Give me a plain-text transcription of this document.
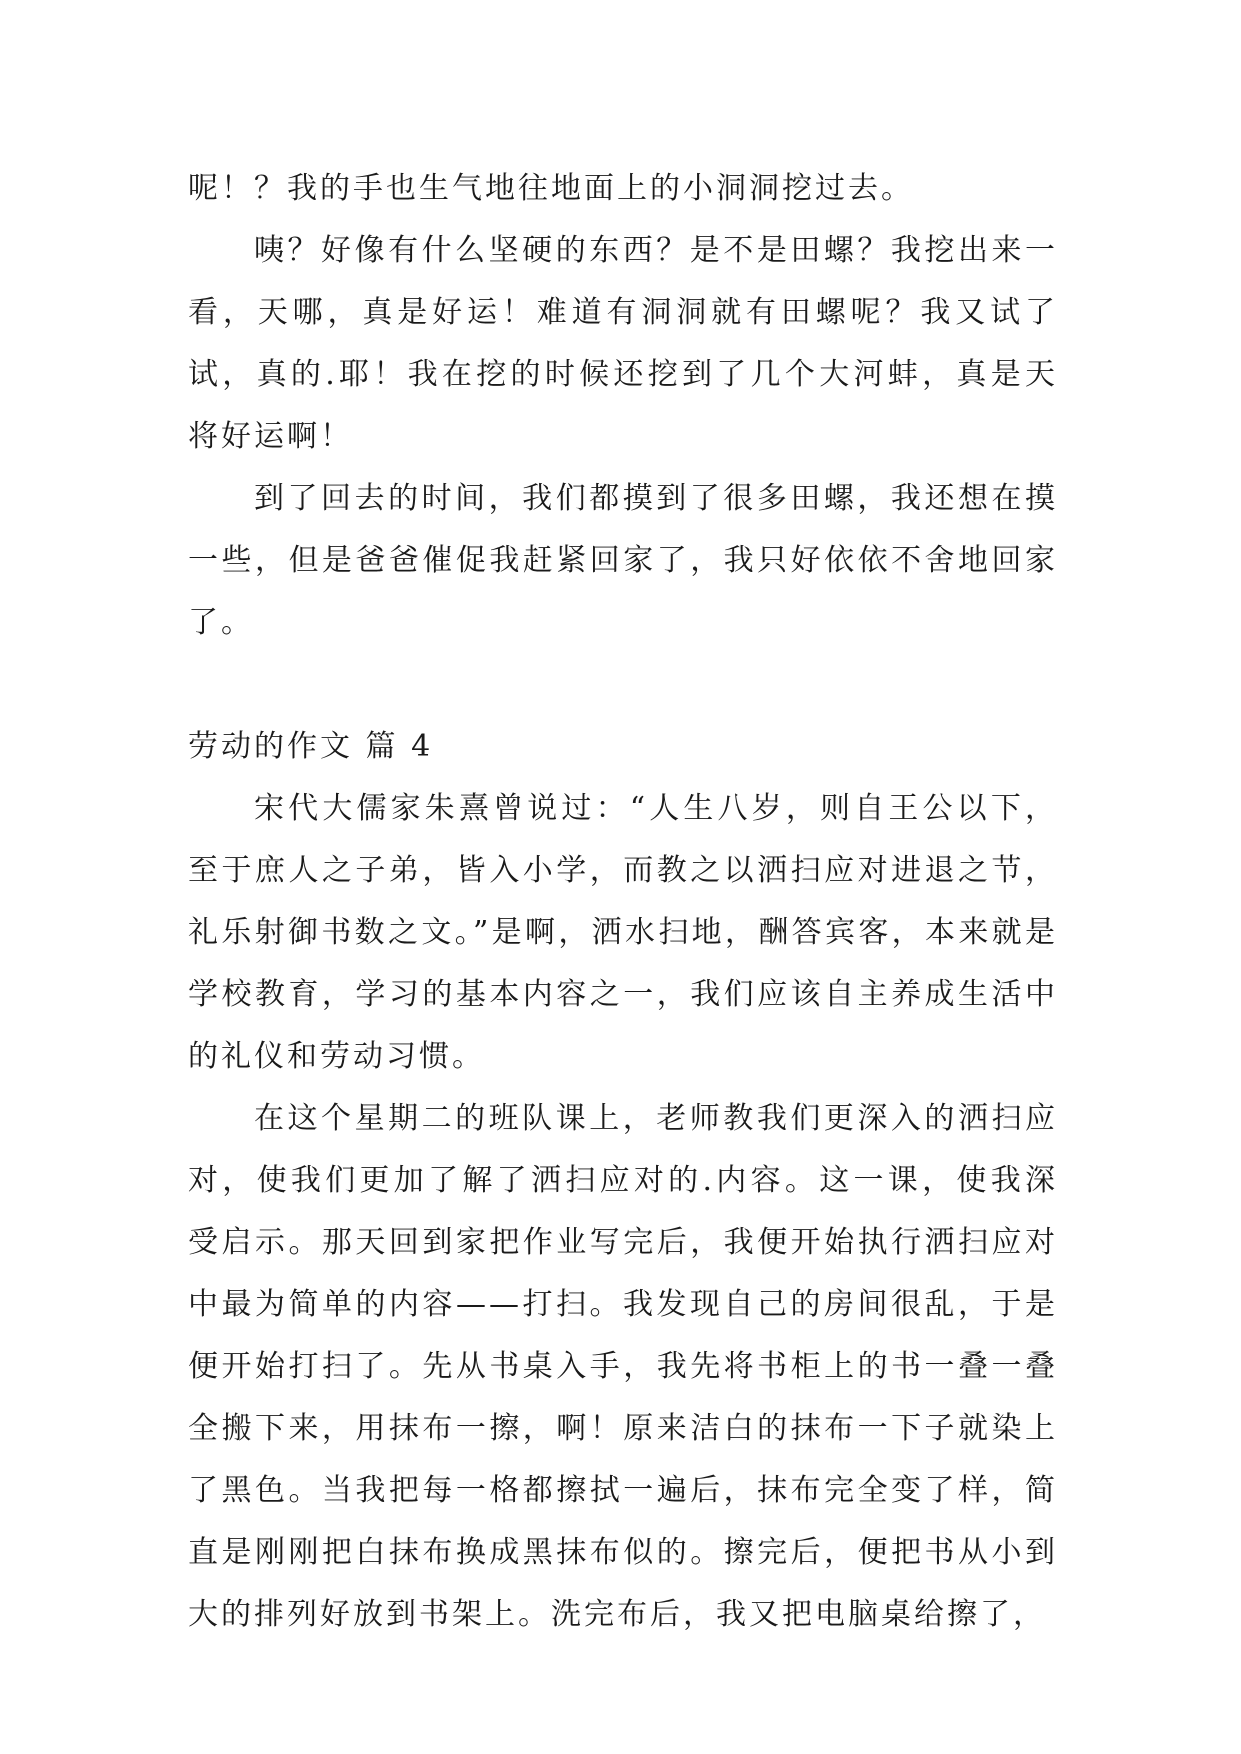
呢！？我的手也生气地往地面上的小洞洞挖过去。

咦？好像有什么坚硬的东西？是不是田螺？我挖出来一看，天哪，真是好运！难道有洞洞就有田螺呢？我又试了试，真的.耶！我在挖的时候还挖到了几个大河蚌，真是天将好运啊！

到了回去的时间，我们都摸到了很多田螺，我还想在摸一些，但是爸爸催促我赶紧回家了，我只好依依不舍地回家了。

劳动的作文 篇 4

宋代大儒家朱熹曾说过：“人生八岁，则自王公以下，至于庶人之子弟，皆入小学，而教之以洒扫应对进退之节，礼乐射御书数之文。”是啊，洒水扫地，酬答宾客，本来就是学校教育，学习的基本内容之一，我们应该自主养成生活中的礼仪和劳动习惯。

在这个星期二的班队课上，老师教我们更深入的洒扫应对，使我们更加了解了洒扫应对的.内容。这一课，使我深受启示。那天回到家把作业写完后，我便开始执行洒扫应对中最为简单的内容——打扫。我发现自己的房间很乱，于是便开始打扫了。先从书桌入手，我先将书柜上的书一叠一叠全搬下来，用抹布一擦，啊！原来洁白的抹布一下子就染上了黑色。当我把每一格都擦拭一遍后，抹布完全变了样，简直是刚刚把白抹布换成黑抹布似的。擦完后，便把书从小到大的排列好放到书架上。洗完布后，我又把电脑桌给擦了，
